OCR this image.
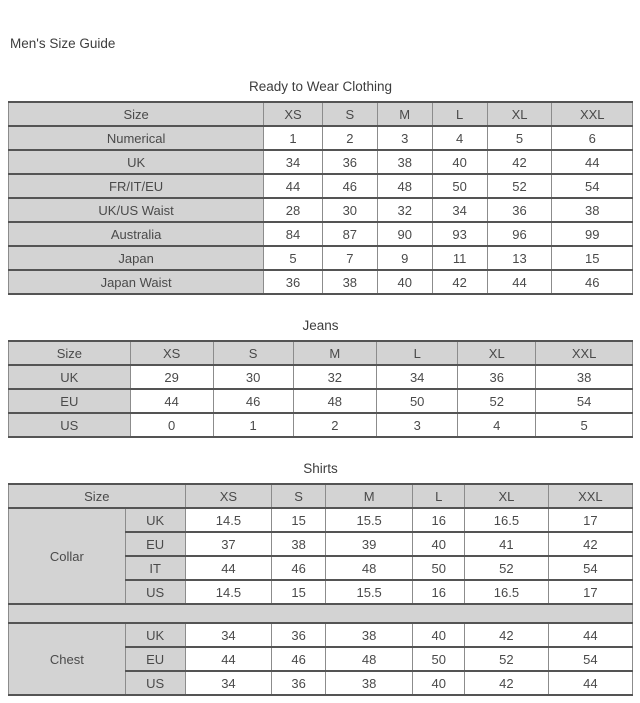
Men's Size Guide
Ready to Wear Clothing
Size	XS	S	M	L	XL	XXL
Numerical	1	2	3	4	5	6
UK	34	36	38	40	42	44
FR/IT/EU	44	46	48	50	52	54
UK/US Waist	28	30	32	34	36	38
Australia	84	87	90	93	96	99
Japan	5	7	9	11	13	15
Japan Waist	36	38	40	42	44	46
Jeans
Size	XS	S	M	L	XL	XXL
UK	29	30	32	34	36	38
EU	44	46	48	50	52	54
US	0	1	2	3	4	5
Shirts
Size		XS	S	M	L	XL	XXL
Collar	UK	14.5	15	15.5	16	16.5	17
	EU	37	38	39	40	41	42
	IT	44	46	48	50	52	54
	US	14.5	15	15.5	16	16.5	17

Chest	UK	34	36	38	40	42	44
	EU	44	46	48	50	52	54
	US	34	36	38	40	42	44
